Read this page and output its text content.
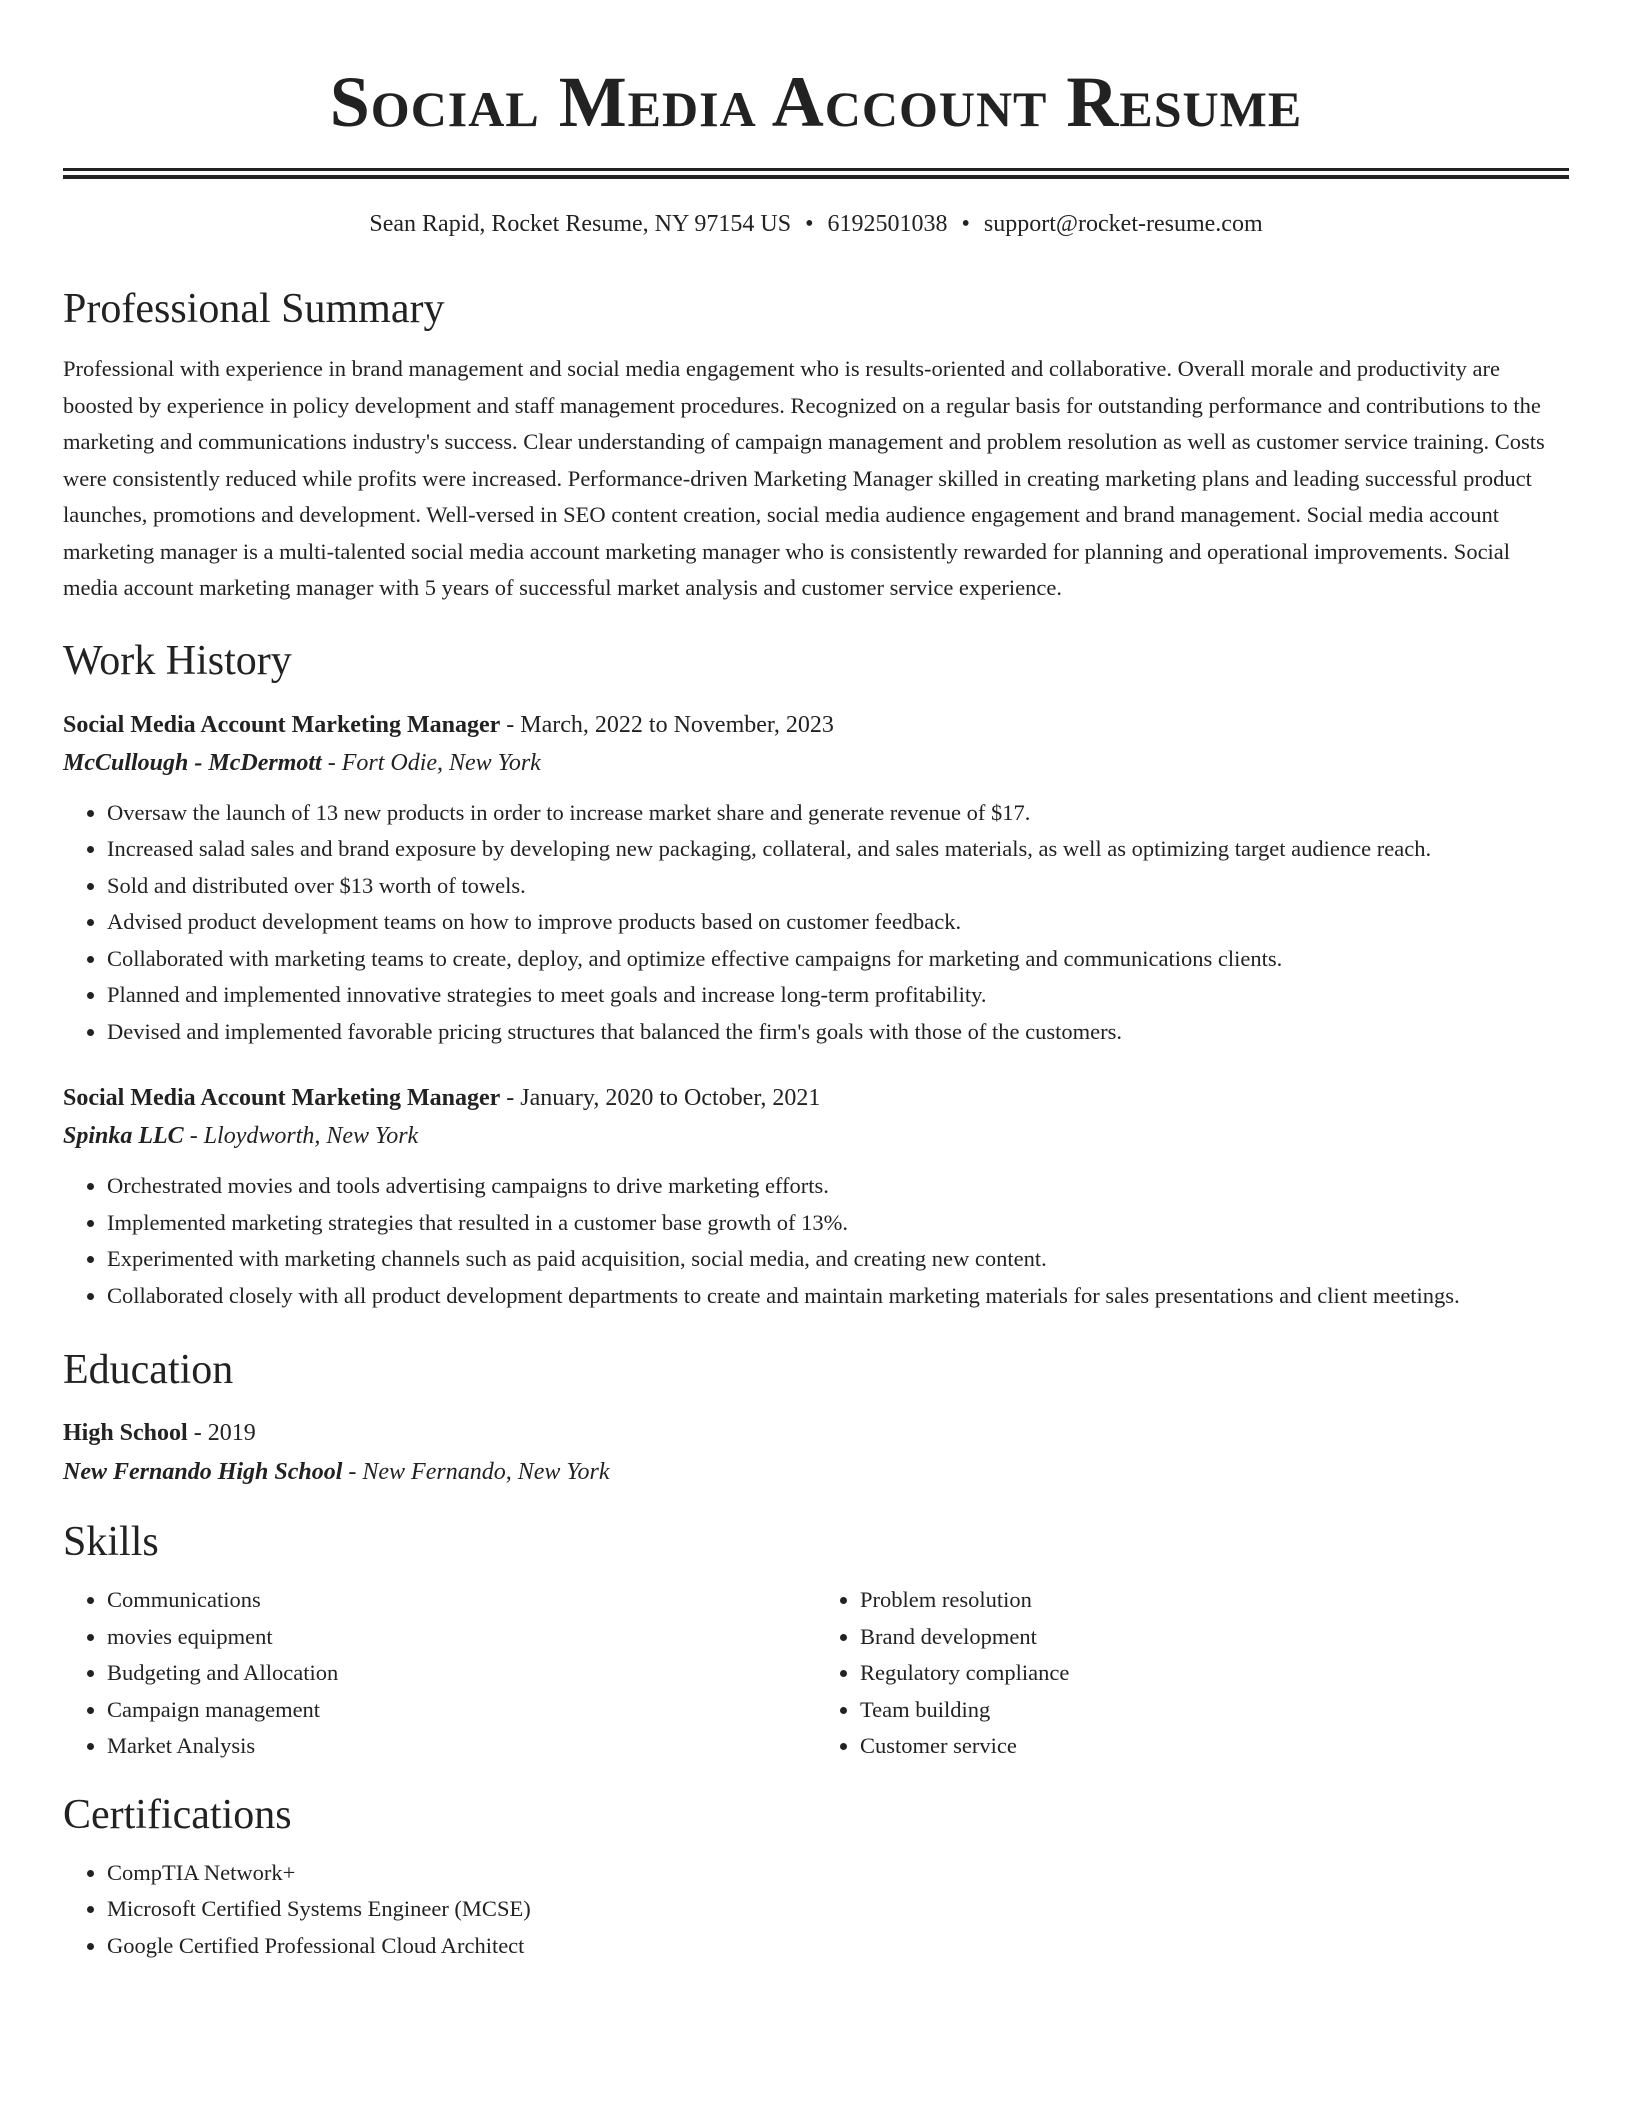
Social Media Account Resume
Sean Rapid, Rocket Resume, NY 97154 US • 6192501038 • support@rocket-resume.com
Professional Summary

Professional with experience in brand management and social media engagement who is results-oriented and collaborative. Overall morale and productivity are boosted by experience in policy development and staff management procedures. Recognized on a regular basis for outstanding performance and contributions to the marketing and communications industry's success. Clear understanding of campaign management and problem resolution as well as customer service training. Costs were consistently reduced while profits were increased. Performance-driven Marketing Manager skilled in creating marketing plans and leading successful product launches, promotions and development. Well-versed in SEO content creation, social media audience engagement and brand management. Social media account marketing manager is a multi-talented social media account marketing manager who is consistently rewarded for planning and operational improvements. Social media account marketing manager with 5 years of successful market analysis and customer service experience.

Work History
Social Media Account Marketing Manager - March, 2022 to November, 2023
McCullough - McDermott - Fort Odie, New York
• Oversaw the launch of 13 new products in order to increase market share and generate revenue of $17.
• Increased salad sales and brand exposure by developing new packaging, collateral, and sales materials, as well as optimizing target audience reach.
• Sold and distributed over $13 worth of towels.
• Advised product development teams on how to improve products based on customer feedback.
• Collaborated with marketing teams to create, deploy, and optimize effective campaigns for marketing and communications clients.
• Planned and implemented innovative strategies to meet goals and increase long-term profitability.
• Devised and implemented favorable pricing structures that balanced the firm's goals with those of the customers.
Social Media Account Marketing Manager - January, 2020 to October, 2021
Spinka LLC - Lloydworth, New York
• Orchestrated movies and tools advertising campaigns to drive marketing efforts.
• Implemented marketing strategies that resulted in a customer base growth of 13%.
• Experimented with marketing channels such as paid acquisition, social media, and creating new content.
• Collaborated closely with all product development departments to create and maintain marketing materials for sales presentations and client meetings.
Education
High School - 2019
New Fernando High School - New Fernando, New York
Skills
• Communications
• movies equipment
• Budgeting and Allocation
• Campaign management
• Market Analysis
• Problem resolution
• Brand development
• Regulatory compliance
• Team building
• Customer service
Certifications
• CompTIA Network+
• Microsoft Certified Systems Engineer (MCSE)
• Google Certified Professional Cloud Architect
